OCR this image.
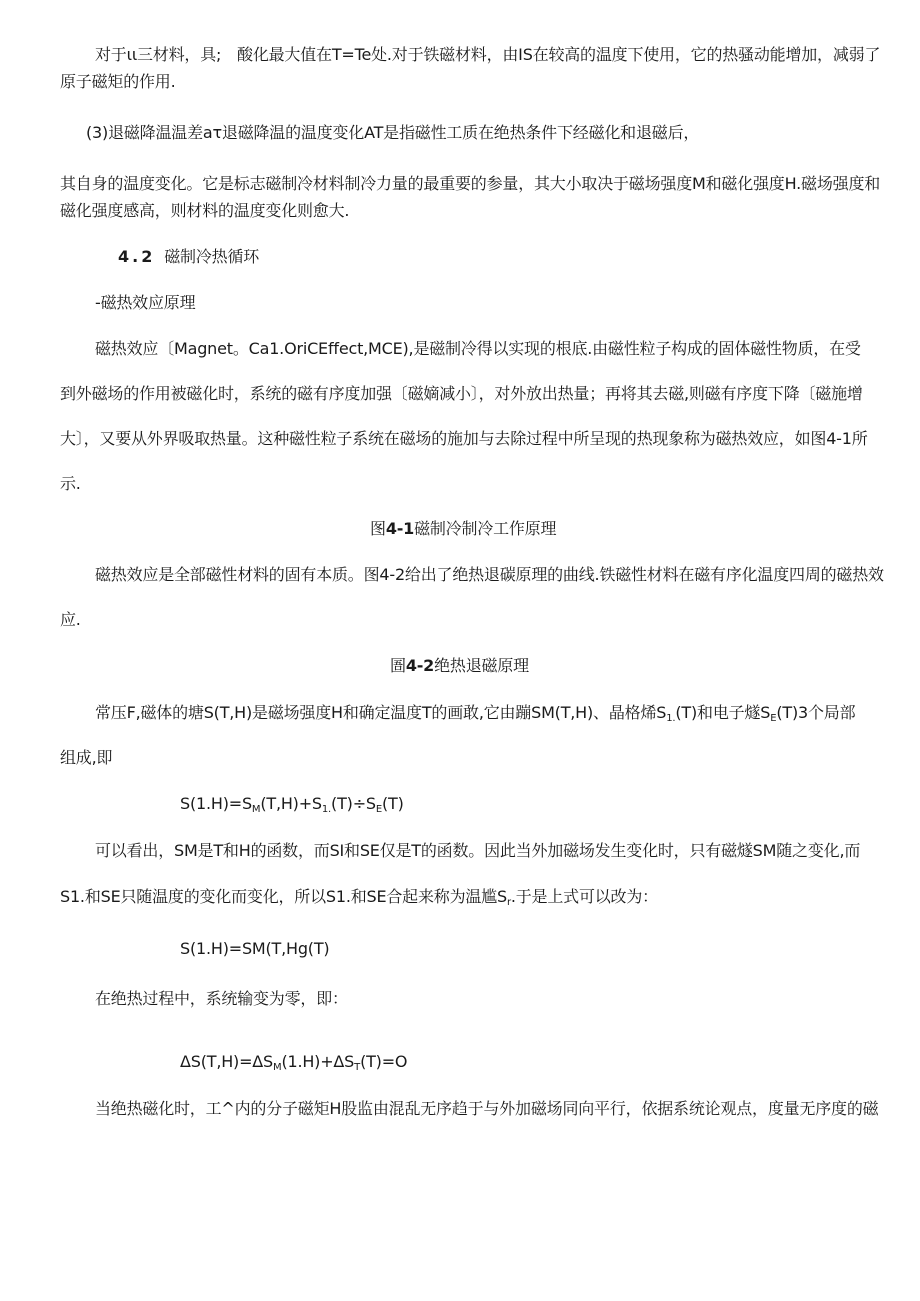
对于ιι三材料，具;　酸化最大值在T=Te处.对于铁磁材料，由IS在较高的温度下使用，它的热骚动能增加，减弱了
原子磁矩的作用.
(3)退磁降温温差aτ退磁降温的温度变化AT是指磁性工质在绝热条件下经磁化和退磁后，
其自身的温度变化。它是标志磁制冷材料制冷力量的最重要的参量，其大小取决于磁场强度M和磁化强度H.磁场强度和
磁化强度感高，则材料的温度变化则愈大.
4.2 磁制冷热循环
-磁热效应原理
磁热效应〔Magnet。Ca1.OriCEffect,MCE),是磁制冷得以实现的根底.由磁性粒子构成的固体磁性物质，在受
到外磁场的作用被磁化时，系统的磁有序度加强〔磁嫡减小〕，对外放出热量；再将其去磁,则磁有序度下降〔磁施增
大〕，又要从外界吸取热量。这种磁性粒子系统在磁场的施加与去除过程中所呈现的热现象称为磁热效应，如图4-1所
示.
图4-1磁制冷制冷工作原理
磁热效应是全部磁性材料的固有本质。图4-2给出了绝热退碳原理的曲线.铁磁性材料在磁有序化温度四周的磁热效
应.
圄4-2绝热退磁原理
常压F,磁体的塘S(T,H)是磁场强度H和确定温度T的画敢,它由蹦SM(T,H)、晶格烯$S_{1.}(T)$和电子燧$S_E(T)3$个局部
组成,即
$S(1.H)=S_M(T,H)+S_{1.}(T)\div S_E(T)$
可以看出，SM是T和H的函数，而SI和SE仅是T的函数。因此当外加磁场发生变化时，只有磁燧SM随之变化,而
S1.和SE只随温度的变化而变化，所以S1.和SE合起来称为温尴$S_r$.于是上式可以改为：
S(1.H)=SM(T,Hg(T)
在绝热过程中，系统输变为零，即：
$\Delta S(T,H)=\Delta S_M(1.H)+\Delta S_T(T)=O$
当绝热磁化时，工^内的分子磁矩H股监由混乱无序趋于与外加磁场同向平行，依据系统论观点，度量无序度的磁
